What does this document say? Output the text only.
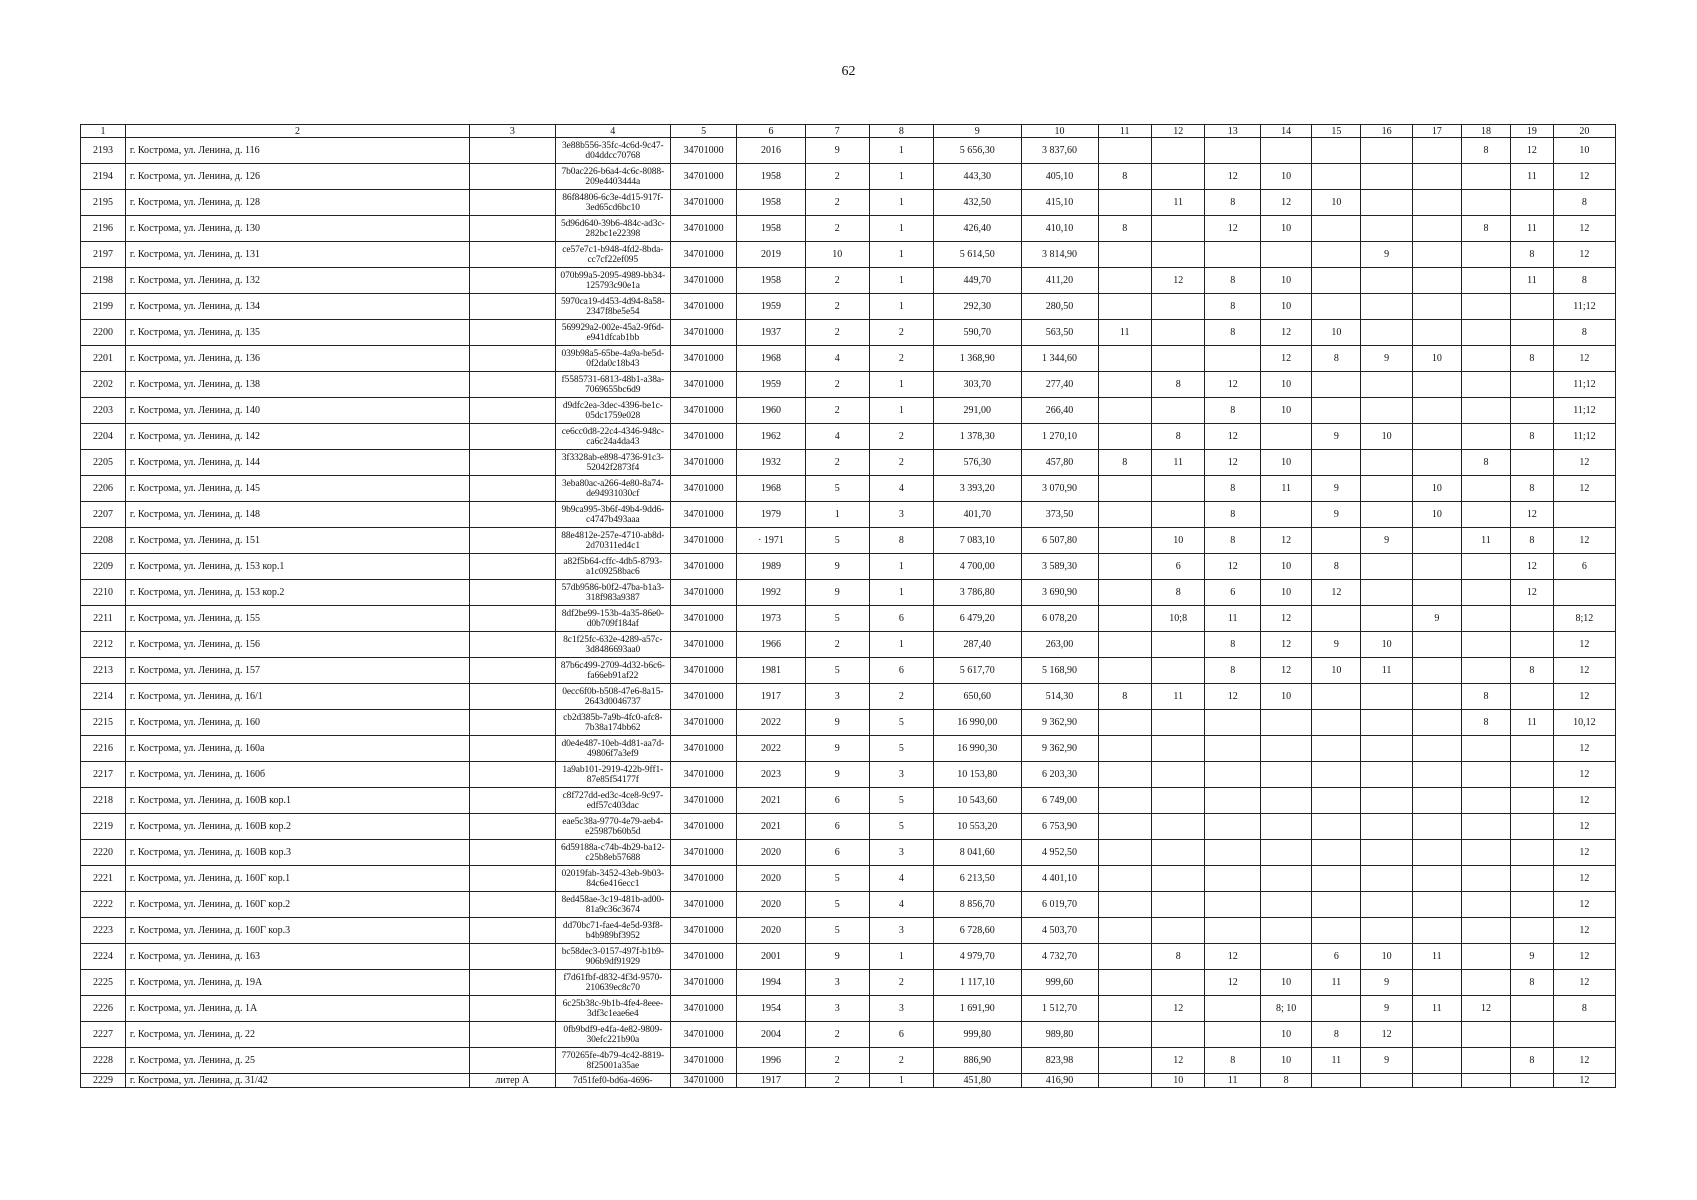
62
1	2	3	4	5	6	7	8	9	10	11	12	13	14	15	16	17	18	19	20
2193	г. Кострома, ул. Ленина, д. 116		3e88b556-35fc-4c6d-9c47-d04ddcc70768	34701000	2016	9	1	5 656,30	3 837,60								8	12	10
2194	г. Кострома, ул. Ленина, д. 126		7b0ac226-b6a4-4c6c-8088-209e4403444a	34701000	1958	2	1	443,30	405,10	8		12	10					11	12
2195	г. Кострома, ул. Ленина, д. 128		86f84806-6c3e-4d15-917f-3ed65cd6bc10	34701000	1958	2	1	432,50	415,10		11	8	12	10					8
2196	г. Кострома, ул. Ленина, д. 130		5d96d640-39b6-484c-ad3c-282bc1e22398	34701000	1958	2	1	426,40	410,10	8		12	10				8	11	12
2197	г. Кострома, ул. Ленина, д. 131		ce57e7c1-b948-4fd2-8bda-cc7cf22ef095	34701000	2019	10	1	5 614,50	3 814,90						9			8	12
2198	г. Кострома, ул. Ленина, д. 132		070b99a5-2095-4989-bb34-125793c90e1a	34701000	1958	2	1	449,70	411,20		12	8	10					11	8
2199	г. Кострома, ул. Ленина, д. 134		5970ca19-d453-4d94-8a58-2347f8be5e54	34701000	1959	2	1	292,30	280,50			8	10						11;12
2200	г. Кострома, ул. Ленина, д. 135		569929a2-002e-45a2-9f6d-e941dfcab1bb	34701000	1937	2	2	590,70	563,50	11		8	12	10					8
2201	г. Кострома, ул. Ленина, д. 136		039b98a5-65be-4a9a-be5d-0f2da0c18b43	34701000	1968	4	2	1 368,90	1 344,60				12	8	9	10		8	12
2202	г. Кострома, ул. Ленина, д. 138		f5585731-6813-48b1-a38a-7069655bc6d9	34701000	1959	2	1	303,70	277,40		8	12	10						11;12
2203	г. Кострома, ул. Ленина, д. 140		d9dfc2ea-3dec-4396-be1c-05dc1759e028	34701000	1960	2	1	291,00	266,40			8	10						11;12
2204	г. Кострома, ул. Ленина, д. 142		ce6cc0d8-22c4-4346-948c-ca6c24a4da43	34701000	1962	4	2	1 378,30	1 270,10		8	12		9	10			8	11;12
2205	г. Кострома, ул. Ленина, д. 144		3f3328ab-e898-4736-91c3-52042f2873f4	34701000	1932	2	2	576,30	457,80	8	11	12	10				8		12
2206	г. Кострома, ул. Ленина, д. 145		3eba80ac-a266-4e80-8a74-de94931030cf	34701000	1968	5	4	3 393,20	3 070,90			8	11	9		10		8	12
2207	г. Кострома, ул. Ленина, д. 148		9b9ca995-3b6f-49b4-9dd6-c4747b493aaa	34701000	1979	1	3	401,70	373,50			8		9		10		12	
2208	г. Кострома, ул. Ленина, д. 151		88e4812e-257e-4710-ab8d-2d70311ed4c1	34701000	· 1971	5	8	7 083,10	6 507,80		10	8	12		9		11	8	12
2209	г. Кострома, ул. Ленина, д. 153 кор.1		a82f5b64-cffc-4db5-8793-a1c09258bac6	34701000	1989	9	1	4 700,00	3 589,30		6	12	10	8				12	6
2210	г. Кострома, ул. Ленина, д. 153 кор.2		57db9586-b0f2-47ba-b1a3-318f983a9387	34701000	1992	9	1	3 786,80	3 690,90		8	6	10	12				12	
2211	г. Кострома, ул. Ленина, д. 155		8df2be99-153b-4a35-86e0-d0b709f184af	34701000	1973	5	6	6 479,20	6 078,20		10;8	11	12			9			8;12
2212	г. Кострома, ул. Ленина, д. 156		8c1f25fc-632e-4289-a57c-3d8486693aa0	34701000	1966	2	1	287,40	263,00			8	12	9	10				12
2213	г. Кострома, ул. Ленина, д. 157		87b6c499-2709-4d32-b6c6-fa66eb91af22	34701000	1981	5	6	5 617,70	5 168,90			8	12	10	11			8	12
2214	г. Кострома, ул. Ленина, д. 16/1		0ecc6f0b-b508-47e6-8a15-2643d0046737	34701000	1917	3	2	650,60	514,30	8	11	12	10				8		12
2215	г. Кострома, ул. Ленина, д. 160		cb2d385b-7a9b-4fc0-afc8-7b38a174bb62	34701000	2022	9	5	16 990,00	9 362,90								8	11	10,12
2216	г. Кострома, ул. Ленина, д. 160а		d0e4e487-10eb-4d81-aa7d-49806f7a3ef9	34701000	2022	9	5	16 990,30	9 362,90										12
2217	г. Кострома, ул. Ленина, д. 160б		1a9ab101-2919-422b-9ff1-87e85f54177f	34701000	2023	9	3	10 153,80	6 203,30										12
2218	г. Кострома, ул. Ленина, д. 160В кор.1		c8f727dd-ed3c-4ce8-9c97-edf57c403dac	34701000	2021	6	5	10 543,60	6 749,00										12
2219	г. Кострома, ул. Ленина, д. 160В кор.2		eae5c38a-9770-4e79-aeb4-e25987b60b5d	34701000	2021	6	5	10 553,20	6 753,90										12
2220	г. Кострома, ул. Ленина, д. 160В кор.3		6d59188a-c74b-4b29-ba12-c25b8eb57688	34701000	2020	6	3	8 041,60	4 952,50										12
2221	г. Кострома, ул. Ленина, д. 160Г кор.1		02019fab-3452-43eb-9b03-84c6e416ecc1	34701000	2020	5	4	6 213,50	4 401,10										12
2222	г. Кострома, ул. Ленина, д. 160Г кор.2		8ed458ae-3c19-481b-ad00-81a9c36c3674	34701000	2020	5	4	8 856,70	6 019,70										12
2223	г. Кострома, ул. Ленина, д. 160Г кор.3		dd70bc71-fae4-4e5d-93f8-b4b989bf3952	34701000	2020	5	3	6 728,60	4 503,70										12
2224	г. Кострома, ул. Ленина, д. 163		bc58dec3-0157-497f-b1b9-906b9df91929	34701000	2001	9	1	4 979,70	4 732,70		8	12		6	10	11		9	12
2225	г. Кострома, ул. Ленина, д. 19А		f7d61fbf-d832-4f3d-9570-210639ec8c70	34701000	1994	3	2	1 117,10	999,60			12	10	11	9			8	12
2226	г. Кострома, ул. Ленина, д. 1А		6c25b38c-9b1b-4fe4-8eee-3df3c1eae6e4	34701000	1954	3	3	1 691,90	1 512,70		12		8; 10		9	11	12		8
2227	г. Кострома, ул. Ленина, д. 22		0fb9bdf9-e4fa-4e82-9809-30efc221b90a	34701000	2004	2	6	999,80	989,80				10	8	12				
2228	г. Кострома, ул. Ленина, д. 25		770265fe-4b79-4c42-8819-8f25001a35ae	34701000	1996	2	2	886,90	823,98		12	8	10	11	9			8	12
2229	г. Кострома, ул. Ленина, д. 31/42	литер А	7d51fef0-bd6a-4696-	34701000	1917	2	1	451,80	416,90		10	11	8						12
